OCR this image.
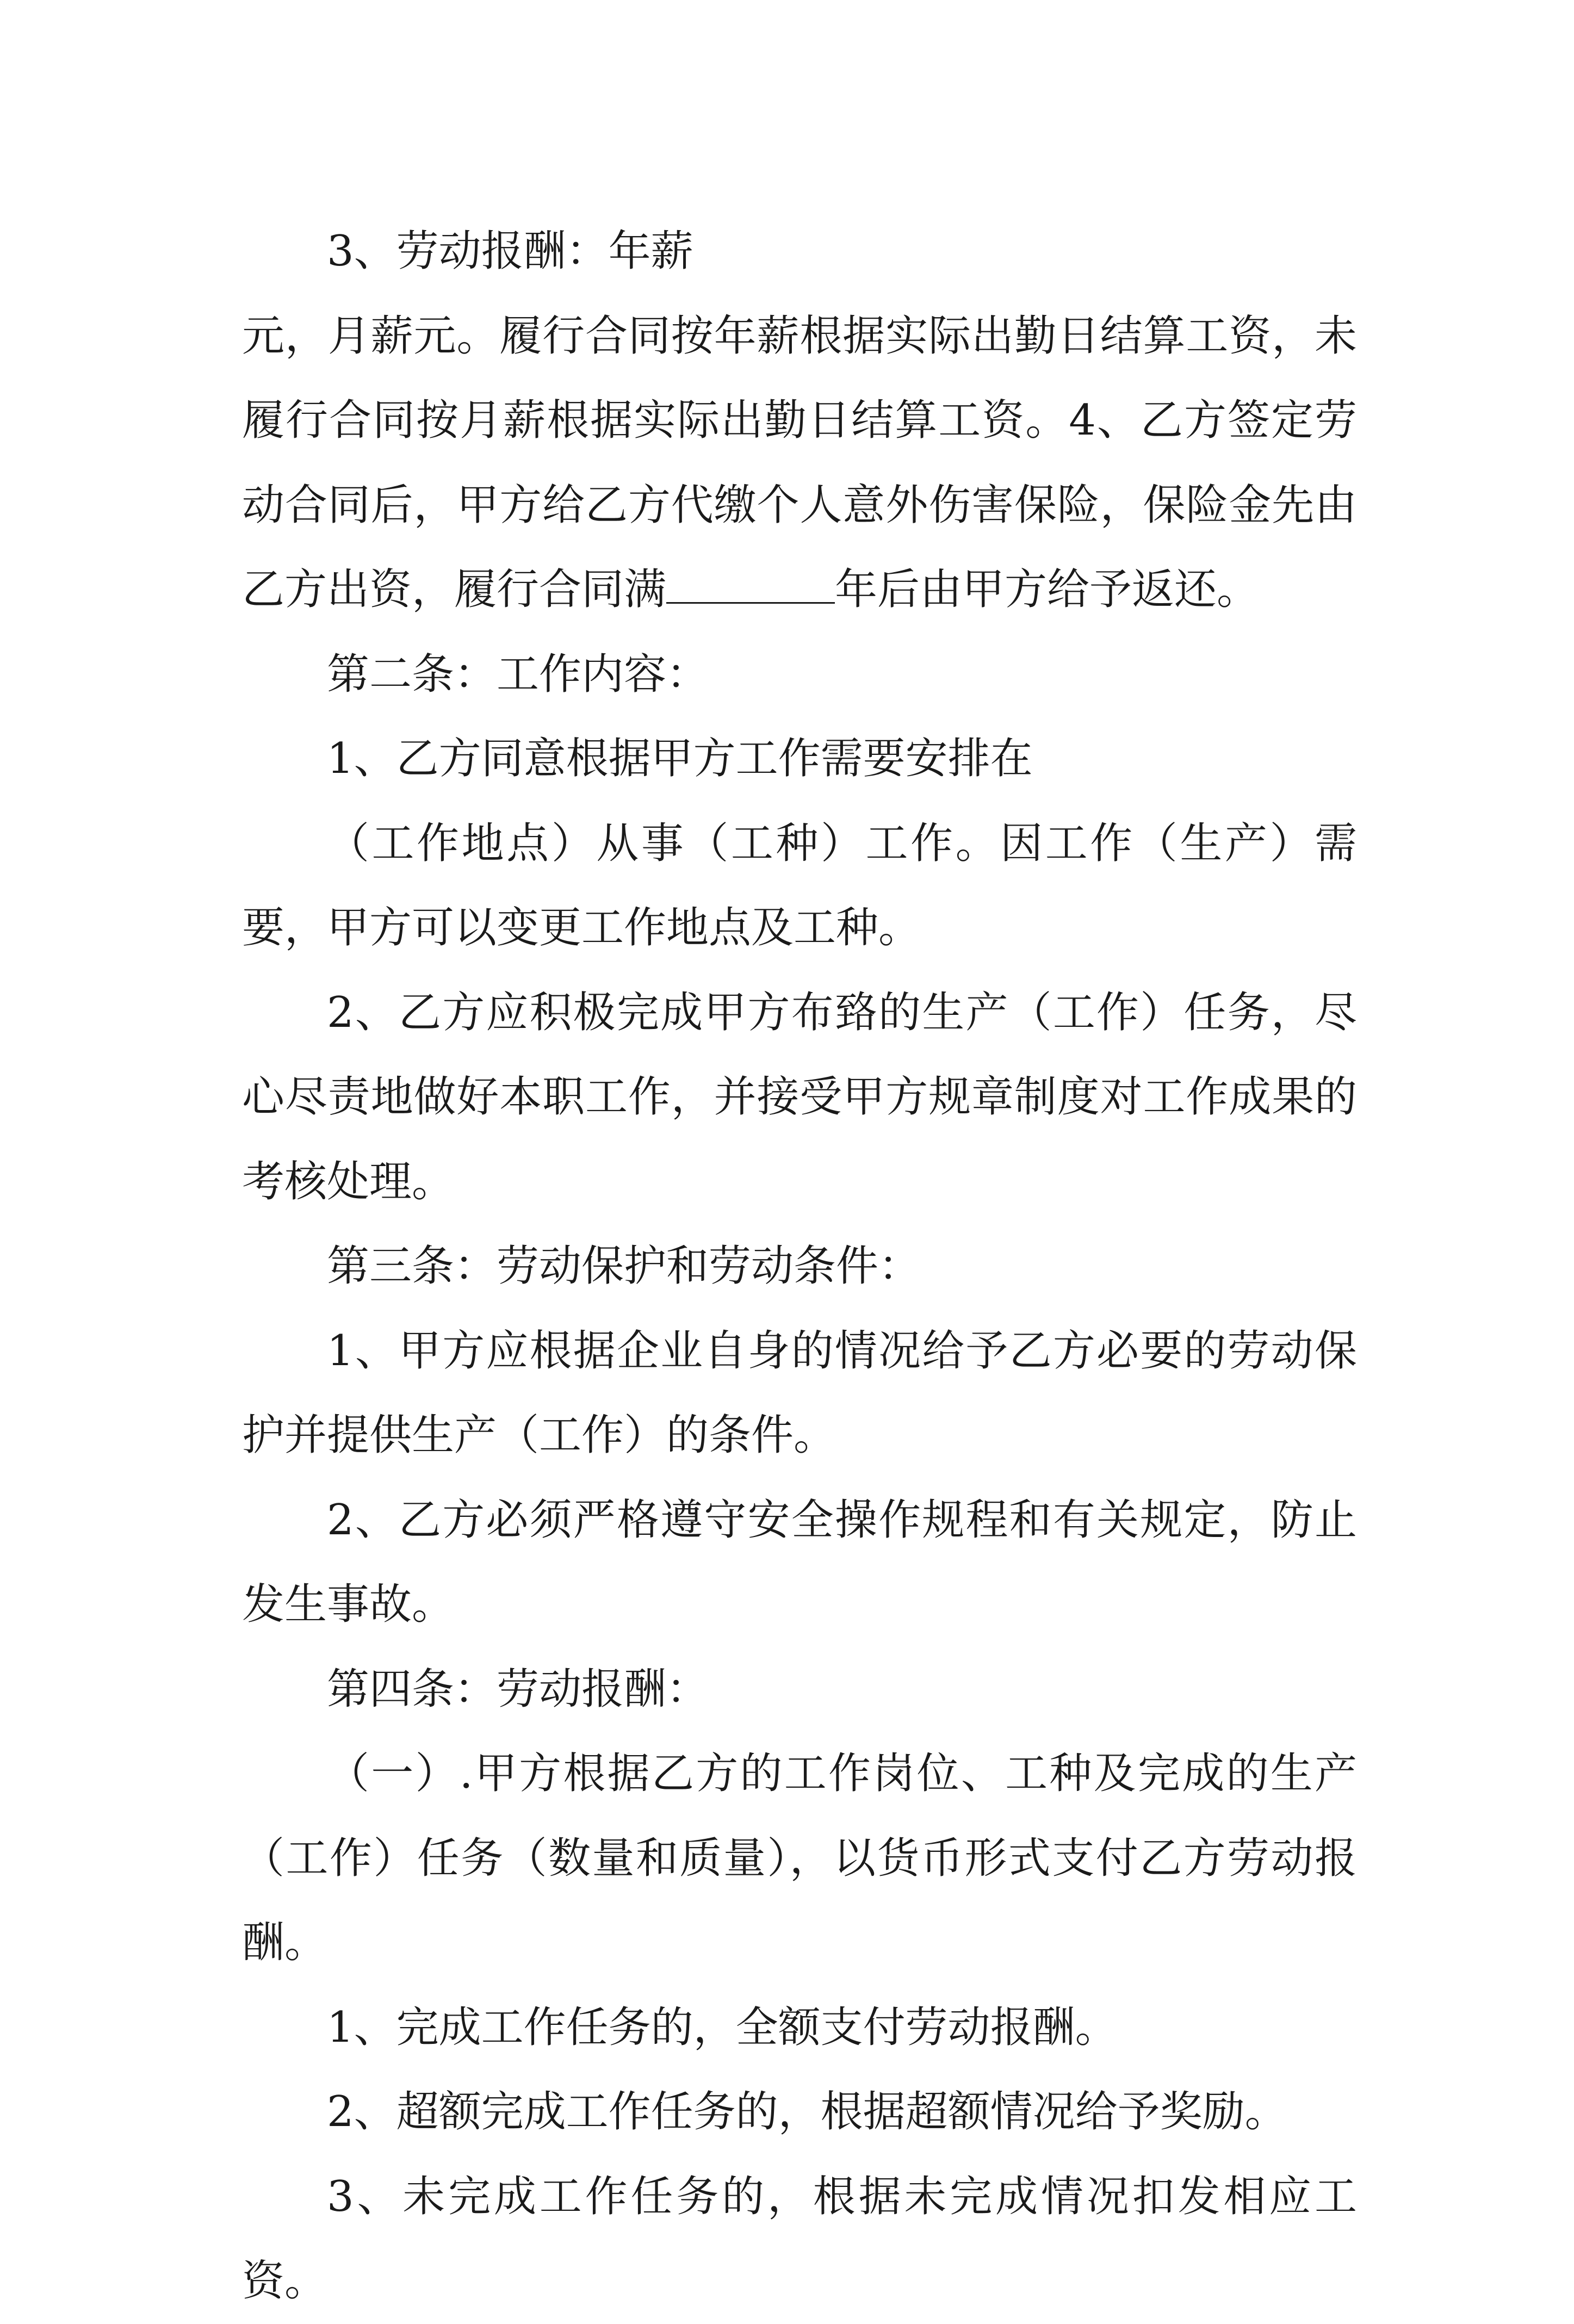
3、劳动报酬：年薪

元，月薪元。履行合同按年薪根据实际出勤日结算工资，未履行合同按月薪根据实际出勤日结算工资。4、乙方签定劳动合同后，甲方给乙方代缴个人意外伤害保险，保险金先由乙方出资，履行合同满	年后由甲方给予返还。

第二条：工作内容：

1、乙方同意根据甲方工作需要安排在

（工作地点）从事（工种）工作。因工作（生产）需要，甲方可以变更工作地点及工种。

2、乙方应积极完成甲方布臵的生产（工作）任务，尽心尽责地做好本职工作，并接受甲方规章制度对工作成果的考核处理。

第三条：劳动保护和劳动条件：

1、甲方应根据企业自身的情况给予乙方必要的劳动保护并提供生产（工作）的条件。

2、乙方必须严格遵守安全操作规程和有关规定，防止发生事故。

第四条：劳动报酬：

（一）.甲方根据乙方的工作岗位、工种及完成的生产（工作）任务（数量和质量），以货币形式支付乙方劳动报酬。

1、完成工作任务的，全额支付劳动报酬。

2、超额完成工作任务的，根据超额情况给予奖励。

3、未完成工作任务的，根据未完成情况扣发相应工资。
